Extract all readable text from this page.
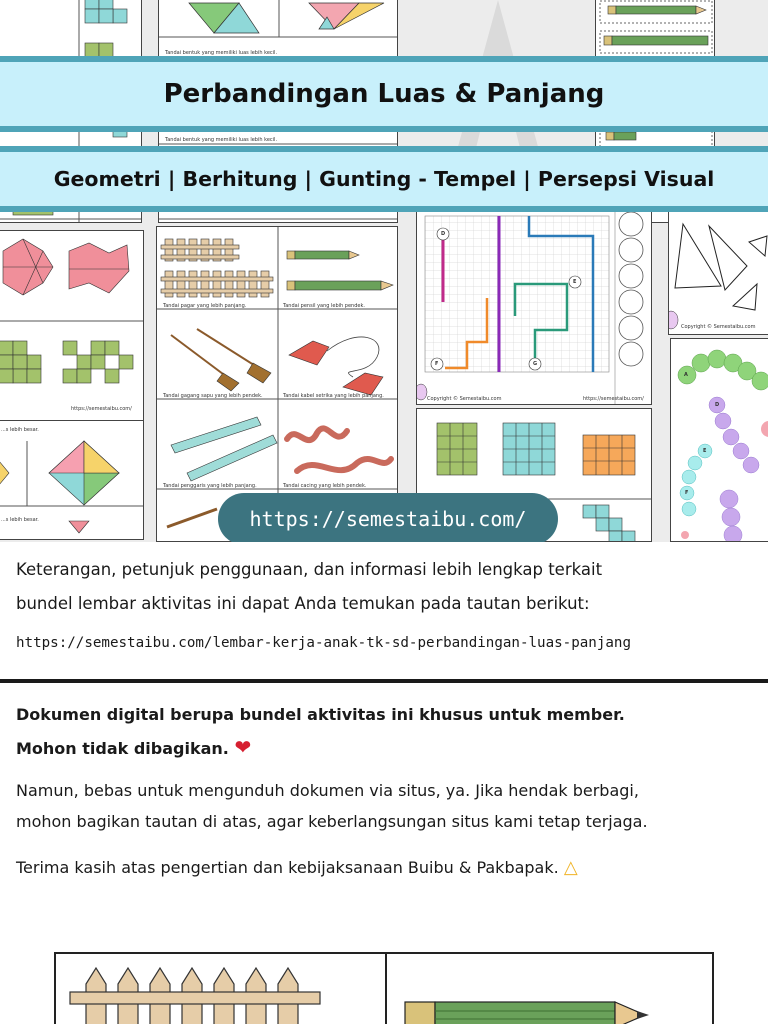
Tandai bentuk yang memiliki luas lebih kecil.
Tandai bentuk yang memiliki luas lebih kecil.
https://semestaibu.com/
...s lebih besar.
...s lebih besar.
Tandai pagar yang lebih panjang.	Tandai pensil yang lebih pendek.
Tandai gagang sapu yang lebih pendek.	Tandai kabel setrika yang lebih panjang.
Tandai penggaris yang lebih panjang.	Tandai cacing yang lebih pendek.
D
E
F	G
Copyright © Semestaibu.com	https://semestaibu.com/
Copyright © Semestaibu.com
A
D
E
F
Perbandingan Luas & Panjang
Geometri | Berhitung | Gunting - Tempel | Persepsi Visual
https://semestaibu.com/
Keterangan, petunjuk penggunaan, dan informasi lebih lengkap terkait
bundel lembar aktivitas ini dapat Anda temukan pada tautan berikut:
https://semestaibu.com/lembar-kerja-anak-tk-sd-perbandingan-luas-panjang
Dokumen digital berupa bundel aktivitas ini khusus untuk member.
Mohon tidak dibagikan. ❤
Namun, bebas untuk mengunduh dokumen via situs, ya. Jika hendak berbagi,
mohon bagikan tautan di atas, agar keberlangsungan situs kami tetap terjaga.
Terima kasih atas pengertian dan kebijaksanaan Buibu & Pakbapak. △
